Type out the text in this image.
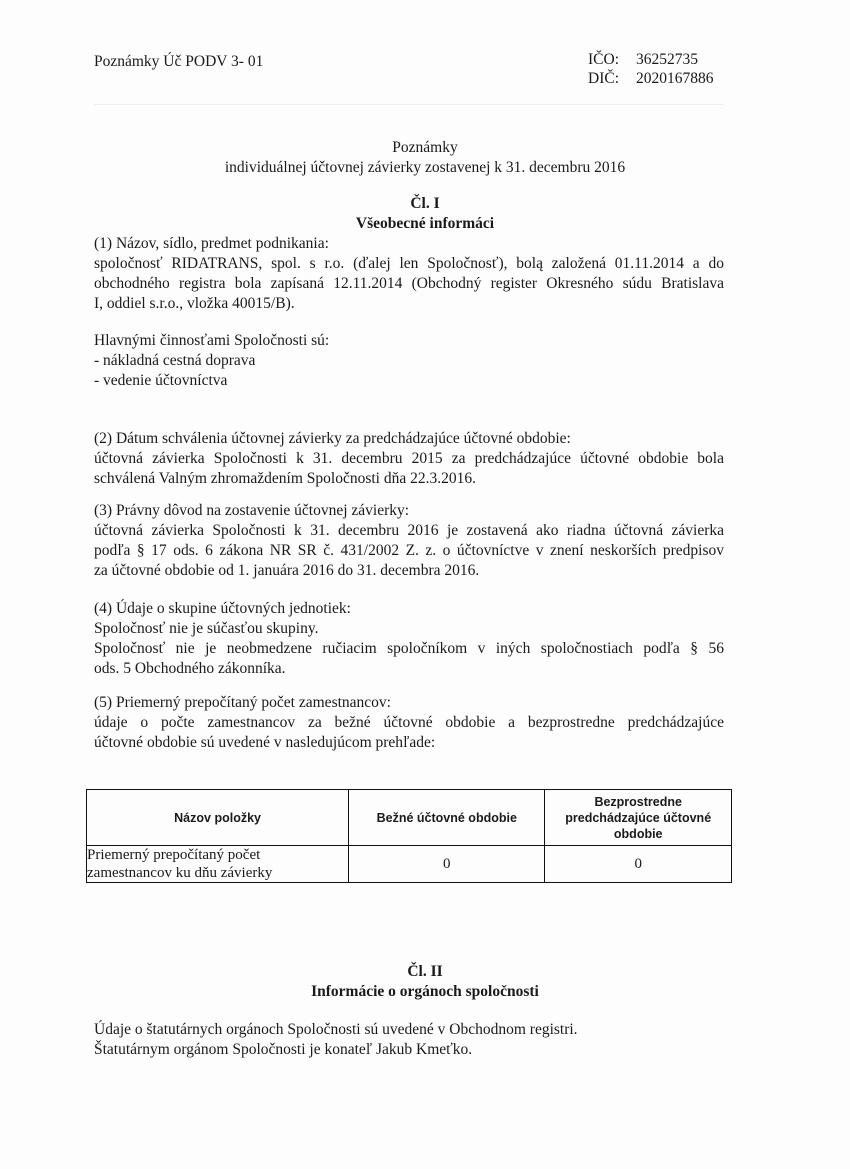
Poznámky Úč PODV 3- 01	IČO: 36252735
DIČ: 2020167886
Poznámky
individuálnej účtovnej závierky zostavenej k 31. decembru 2016
Čl. I
Všeobecné informáci
(1) Názov, sídlo, predmet podnikania:
spoločnosť RIDATRANS, spol. s r.o. (ďalej len Spoločnosť), bolą založená 01.11.2014 a do
obchodného registra bola zapísaná 12.11.2014 (Obchodný register Okresného súdu Bratislava
I, oddiel s.r.o., vložka 40015/B).
Hlavnými činnosťami Spoločnosti sú:
- nákladná cestná doprava
- vedenie účtovníctva
(2) Dátum schválenia účtovnej závierky za predchádzajúce účtovné obdobie:
účtovná závierka Spoločnosti k 31. decembru 2015 za predchádzajúce účtovné obdobie bola
schválená Valným zhromaždením Spoločnosti dňa 22.3.2016.
(3) Právny dôvod na zostavenie účtovnej závierky:
účtovná závierka Spoločnosti k 31. decembru 2016 je zostavená ako riadna účtovná závierka
podľa § 17 ods. 6 zákona NR SR č. 431/2002 Z. z. o účtovníctve v znení neskorších predpisov
za účtovné obdobie od 1. januára 2016 do 31. decembra 2016.
(4) Údaje o skupine účtovných jednotiek:
Spoločnosť nie je súčasťou skupiny.
Spoločnosť nie je neobmedzene ručiacim spoločníkom v iných spoločnostiach podľa § 56
ods. 5 Obchodného zákonníka.
(5) Priemerný prepočítaný počet zamestnancov:
údaje o počte zamestnancov za bežné účtovné obdobie a bezprostredne predchádzajúce
účtovné obdobie sú uvedené v nasledujúcom prehľade:
Názov položky	Bežné účtovné obdobie	Bezprostredne
predchádzajúce účtovné
obdobie

Priemerný prepočítaný počet
zamestnancov ku dňu závierky	0	0
Čl. II
Informácie o orgánoch spoločnosti
Údaje o štatutárnych orgánoch Spoločnosti sú uvedené v Obchodnom registri.
Štatutárnym orgánom Spoločnosti je konateľ Jakub Kmeťko.
